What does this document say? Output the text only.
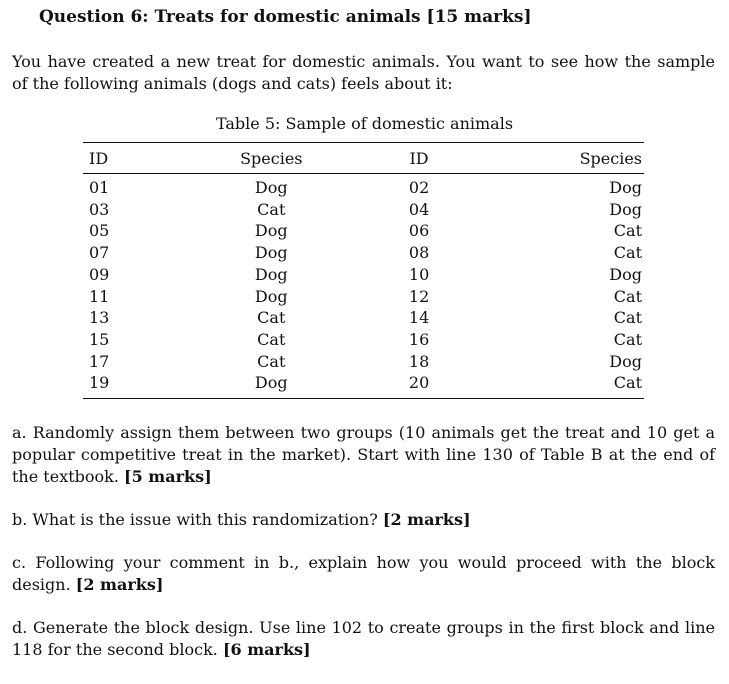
Question 6: Treats for domestic animals [15 marks]
You have created a new treat for domestic animals. You want to see how the sample of the following animals (dogs and cats) feels about it:
Table 5: Sample of domestic animals
ID	Species	ID	Species
01	Dog	02	Dog
03	Cat	04	Dog
05	Dog	06	Cat
07	Dog	08	Cat
09	Dog	10	Dog
11	Dog	12	Cat
13	Cat	14	Cat
15	Cat	16	Cat
17	Cat	18	Dog
19	Dog	20	Cat
a. Randomly assign them between two groups (10 animals get the treat and 10 get a popular competitive treat in the market). Start with line 130 of Table B at the end of the textbook. [5 marks]
b. What is the issue with this randomization? [2 marks]
c. Following your comment in b., explain how you would proceed with the block design. [2 marks]
d. Generate the block design. Use line 102 to create groups in the first block and line 118 for the second block. [6 marks]
